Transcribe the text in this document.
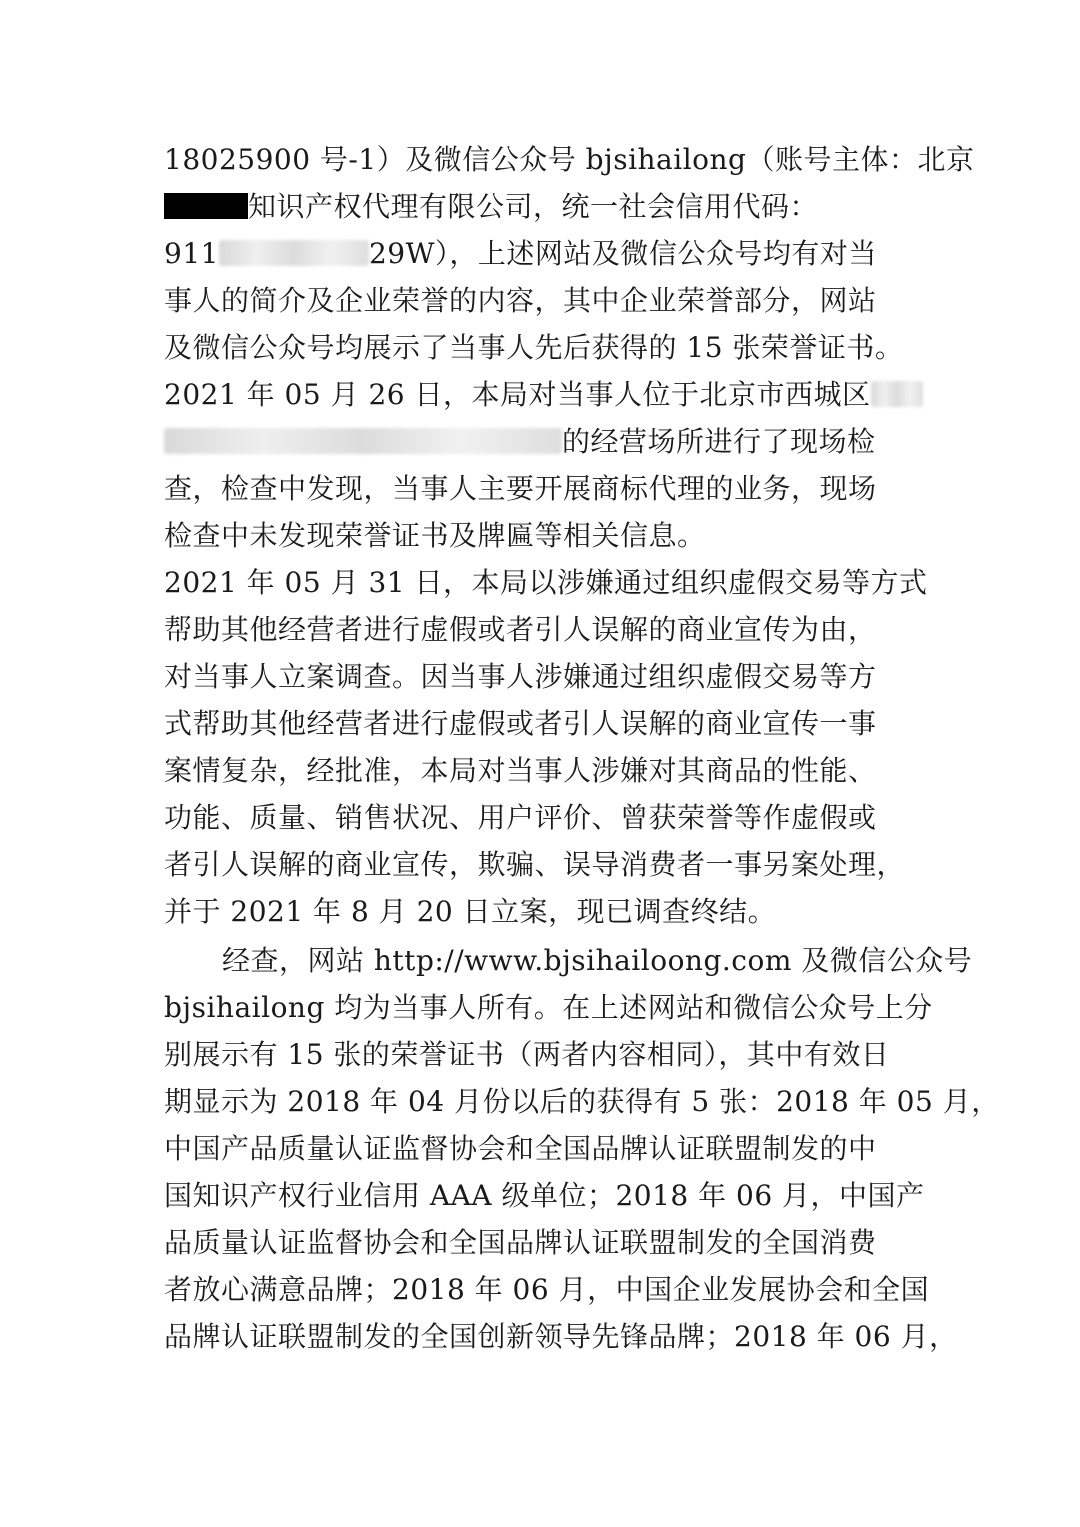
18025900 号-1）及微信公众号 bjsihailong（账号主体：北京
知识产权代理有限公司，统一社会信用代码：
911	29W），上述网站及微信公众号均有对当
事人的简介及企业荣誉的内容，其中企业荣誉部分，网站
及微信公众号均展示了当事人先后获得的 15 张荣誉证书。
2021 年 05 月 26 日，本局对当事人位于北京市西城区
的经营场所进行了现场检
查，检查中发现，当事人主要开展商标代理的业务，现场
检查中未发现荣誉证书及牌匾等相关信息。
2021 年 05 月 31 日，本局以涉嫌通过组织虚假交易等方式
帮助其他经营者进行虚假或者引人误解的商业宣传为由，
对当事人立案调查。因当事人涉嫌通过组织虚假交易等方
式帮助其他经营者进行虚假或者引人误解的商业宣传一事
案情复杂，经批准，本局对当事人涉嫌对其商品的性能、
功能、质量、销售状况、用户评价、曾获荣誉等作虚假或
者引人误解的商业宣传，欺骗、误导消费者一事另案处理，
并于 2021 年 8 月 20 日立案，现已调查终结。
经查，网站 http://www.bjsihailoong.com 及微信公众号
bjsihailong 均为当事人所有。在上述网站和微信公众号上分
别展示有 15 张的荣誉证书（两者内容相同），其中有效日
期显示为 2018 年 04 月份以后的获得有 5 张：2018 年 05 月，
中国产品质量认证监督协会和全国品牌认证联盟制发的中
国知识产权行业信用 AAA 级单位；2018 年 06 月，中国产
品质量认证监督协会和全国品牌认证联盟制发的全国消费
者放心满意品牌；2018 年 06 月，中国企业发展协会和全国
品牌认证联盟制发的全国创新领导先锋品牌；2018 年 06 月，
